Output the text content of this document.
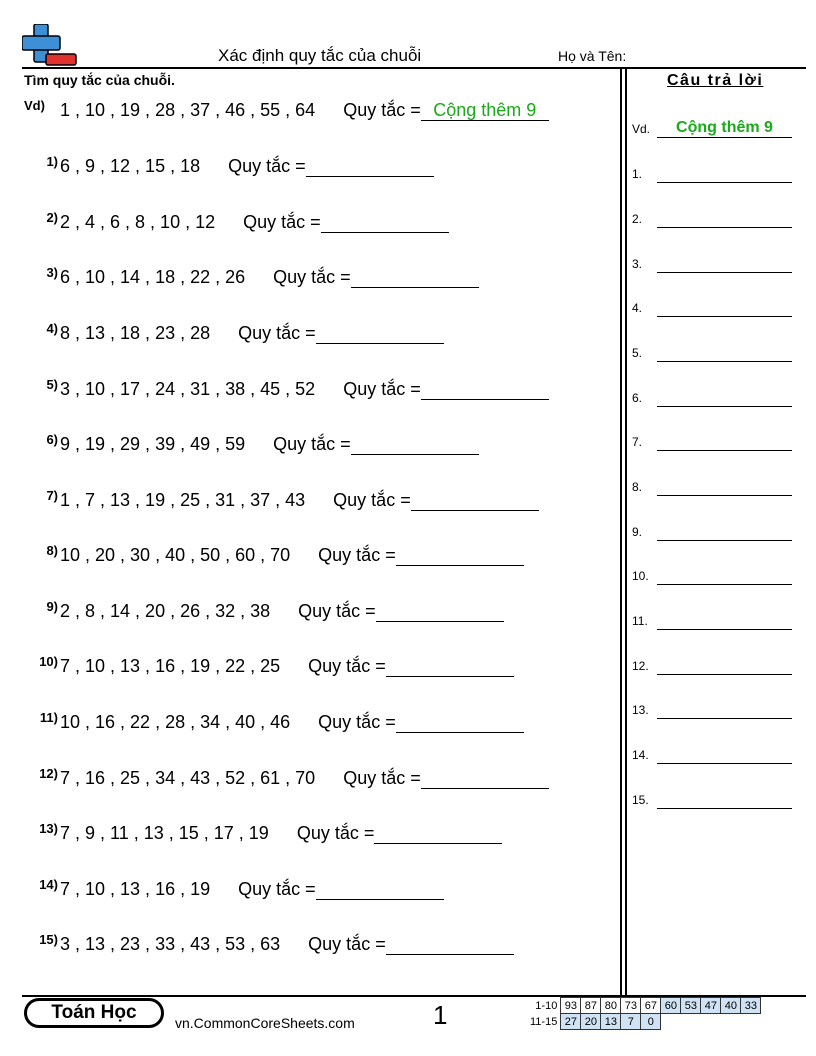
Xác định quy tắc của chuỗi	Họ và Tên:
Tìm quy tắc của chuỗi.
Vd) 1 , 10 , 19 , 28 , 37 , 46 , 55 , 64 Quy tắc = Cộng thêm 9
1) 6 , 9 , 12 , 15 , 18 Quy tắc =
2) 2 , 4 , 6 , 8 , 10 , 12 Quy tắc =
3) 6 , 10 , 14 , 18 , 22 , 26 Quy tắc =
4) 8 , 13 , 18 , 23 , 28 Quy tắc =
5) 3 , 10 , 17 , 24 , 31 , 38 , 45 , 52 Quy tắc =
6) 9 , 19 , 29 , 39 , 49 , 59 Quy tắc =
7) 1 , 7 , 13 , 19 , 25 , 31 , 37 , 43 Quy tắc =
8) 10 , 20 , 30 , 40 , 50 , 60 , 70 Quy tắc =
9) 2 , 8 , 14 , 20 , 26 , 32 , 38 Quy tắc =
10) 7 , 10 , 13 , 16 , 19 , 22 , 25 Quy tắc =
11) 10 , 16 , 22 , 28 , 34 , 40 , 46 Quy tắc =
12) 7 , 16 , 25 , 34 , 43 , 52 , 61 , 70 Quy tắc =
13) 7 , 9 , 11 , 13 , 15 , 17 , 19 Quy tắc =
14) 7 , 10 , 13 , 16 , 19 Quy tắc =
15) 3 , 13 , 23 , 33 , 43 , 53 , 63 Quy tắc =
Câu trả lời
Vd.	Cộng thêm 9
1.
2.
3.
4.
5.
6.
7.
8.
9.
10.
11.
12.
13.
14.
15.
Toán Học	vn.CommonCoreSheets.com	1	1-10	93	87	80	73	67	60	53	47	40	33
11-15	27	20	13	7	0					
